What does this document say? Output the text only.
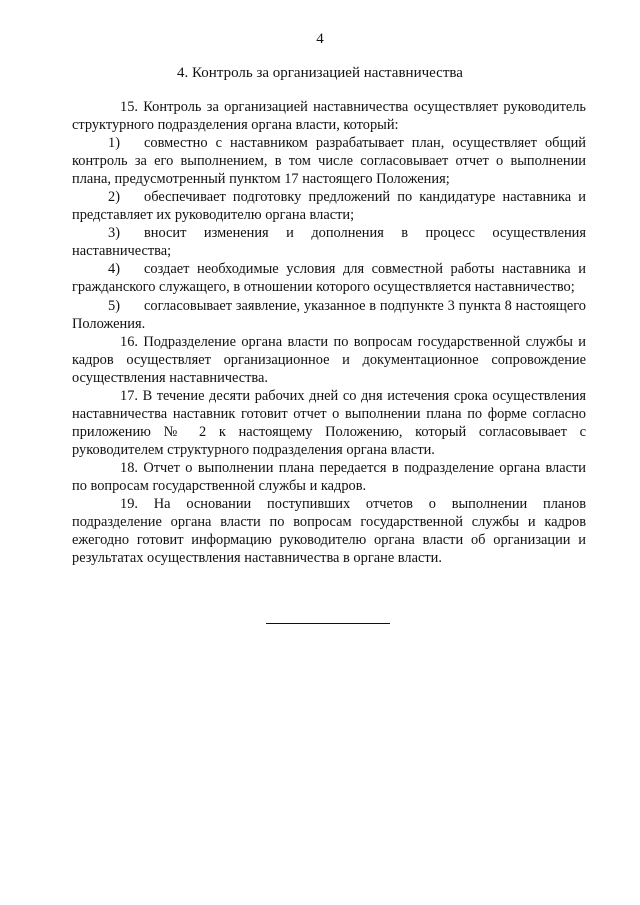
4
4. Контроль за организацией наставничества

15. Контроль за организацией наставничества осуществляет руководитель структурного подразделения органа власти, который:

1) совместно с наставником разрабатывает план, осуществляет общий контроль за его выполнением, в том числе согласовывает отчет о выполнении плана, предусмотренный пунктом 17 настоящего Положения;

2) обеспечивает подготовку предложений по кандидатуре наставника и представляет их руководителю органа власти;

3) вносит изменения и дополнения в процесс осуществления наставничества;

4) создает необходимые условия для совместной работы наставника и гражданского служащего, в отношении которого осуществляется наставничество;

5) согласовывает заявление, указанное в подпункте 3 пункта 8 настоящего Положения.

16. Подразделение органа власти по вопросам государственной службы и кадров осуществляет организационное и документационное сопровождение осуществления наставничества.

17. В течение десяти рабочих дней со дня истечения срока осуществления наставничества наставник готовит отчет о выполнении плана по форме согласно приложению № 2 к настоящему Положению, который согласовывает с руководителем структурного подразделения органа власти.

18. Отчет о выполнении плана передается в подразделение органа власти по вопросам государственной службы и кадров.

19. На основании поступивших отчетов о выполнении планов подразделение органа власти по вопросам государственной службы и кадров ежегодно готовит информацию руководителю органа власти об организации и результатах осуществления наставничества в органе власти.
